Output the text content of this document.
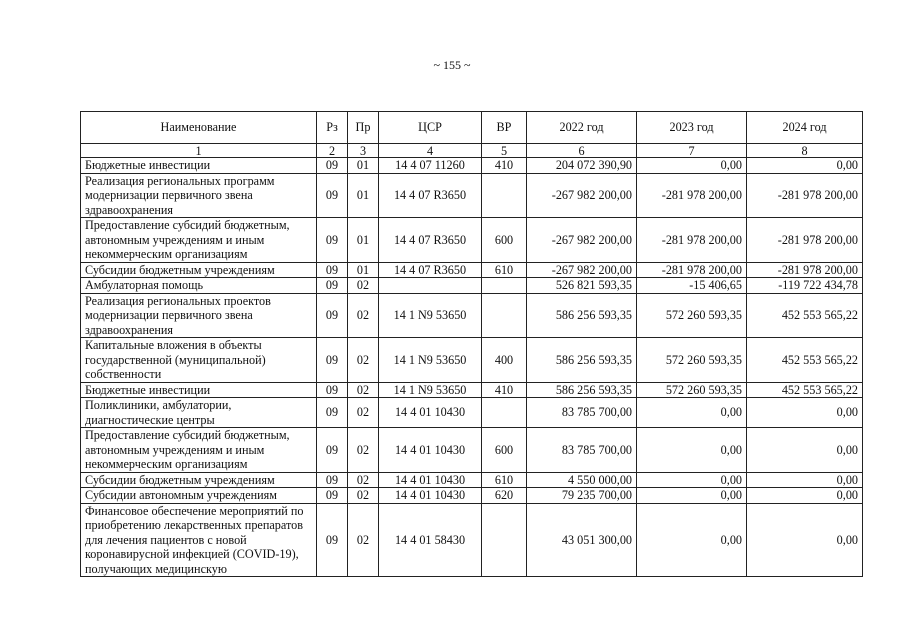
~ 155 ~
Наименование	Рз	Пр	ЦСР	ВР	2022 год	2023 год	2024 год
1	2	3	4	5	6	7	8
Бюджетные инвестиции	09	01	14 4 07 11260	410	204 072 390,90	0,00	0,00
Реализация региональных программ модернизации первичного звена здравоохранения	09	01	14 4 07 R3650		-267 982 200,00	-281 978 200,00	-281 978 200,00
Предоставление субсидий бюджетным, автономным учреждениям и иным некоммерческим организациям	09	01	14 4 07 R3650	600	-267 982 200,00	-281 978 200,00	-281 978 200,00
Субсидии бюджетным учреждениям	09	01	14 4 07 R3650	610	-267 982 200,00	-281 978 200,00	-281 978 200,00
Амбулаторная помощь	09	02			526 821 593,35	-15 406,65	-119 722 434,78
Реализация региональных проектов модернизации первичного звена здравоохранения	09	02	14 1 N9 53650		586 256 593,35	572 260 593,35	452 553 565,22
Капитальные вложения в объекты государственной (муниципальной) собственности	09	02	14 1 N9 53650	400	586 256 593,35	572 260 593,35	452 553 565,22
Бюджетные инвестиции	09	02	14 1 N9 53650	410	586 256 593,35	572 260 593,35	452 553 565,22
Поликлиники, амбулатории, диагностические центры	09	02	14 4 01 10430		83 785 700,00	0,00	0,00
Предоставление субсидий бюджетным, автономным учреждениям и иным некоммерческим организациям	09	02	14 4 01 10430	600	83 785 700,00	0,00	0,00
Субсидии бюджетным учреждениям	09	02	14 4 01 10430	610	4 550 000,00	0,00	0,00
Субсидии автономным учреждениям	09	02	14 4 01 10430	620	79 235 700,00	0,00	0,00
Финансовое обеспечение мероприятий по приобретению лекарственных препаратов для лечения пациентов с новой коронавирусной инфекцией (COVID-19), получающих медицинскую	09	02	14 4 01 58430		43 051 300,00	0,00	0,00
